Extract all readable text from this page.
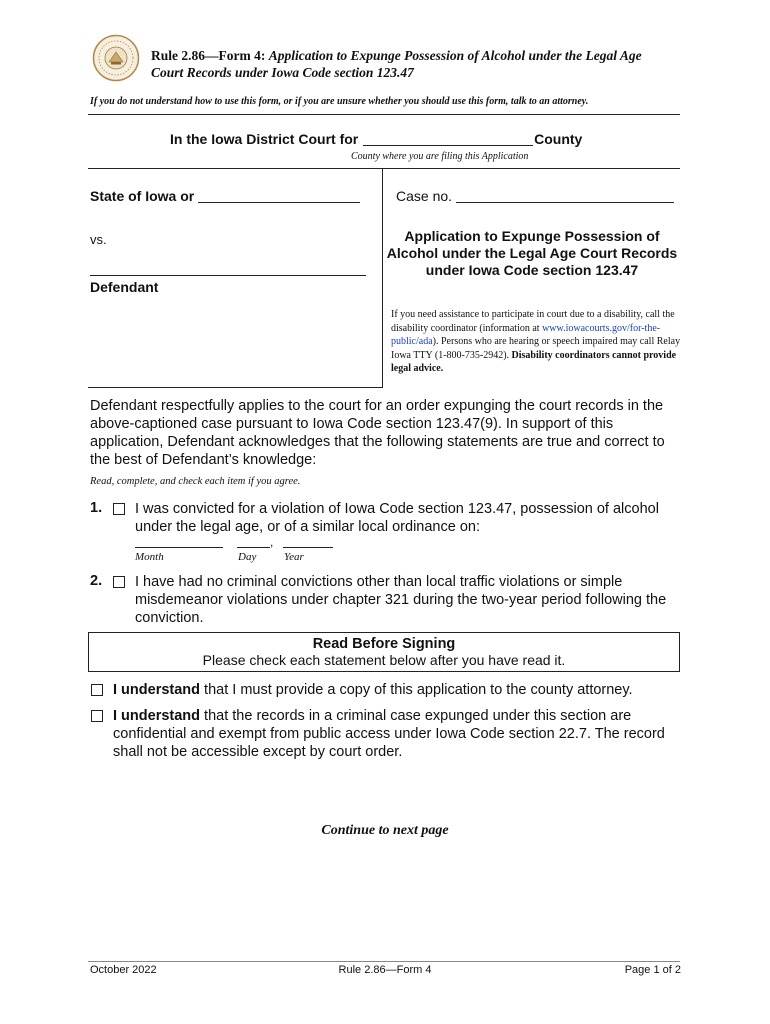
Rule 2.86—Form 4: Application to Expunge Possession of Alcohol under the Legal Age
Court Records under Iowa Code section 123.47
If you do not understand how to use this form, or if you are unsure whether you should use this form, talk to an attorney.
In the Iowa District Court for	County
County where you are filing this Application
State of Iowa or
vs.
Defendant
Case no.
Application to Expunge Possession of Alcohol under the Legal Age Court Records under Iowa Code section 123.47
If you need assistance to participate in court due to a disability, call the disability coordinator (information at www.iowacourts.gov/for-the-public/ada). Persons who are hearing or speech impaired may call Relay Iowa TTY (1-800-735-2942). Disability coordinators cannot provide legal advice.
Defendant respectfully applies to the court for an order expunging the court records in the above-captioned case pursuant to Iowa Code section 123.47(9). In support of this application, Defendant acknowledges that the following statements are true and correct to the best of Defendant’s knowledge:
Read, complete, and check each item if you agree.
1. I was convicted for a violation of Iowa Code section 123.47, possession of alcohol under the legal age, or of a similar local ordinance on:
,
Month	Day	Year
2. I have had no criminal convictions other than local traffic violations or simple misdemeanor violations under chapter 321 during the two-year period following the conviction.
Read Before Signing
Please check each statement below after you have read it.
I understand that I must provide a copy of this application to the county attorney.
I understand that the records in a criminal case expunged under this section are confidential and exempt from public access under Iowa Code section 22.7. The record shall not be accessible except by court order.
Continue to next page
October 2022	Rule 2.86—Form 4	Page 1 of 2
